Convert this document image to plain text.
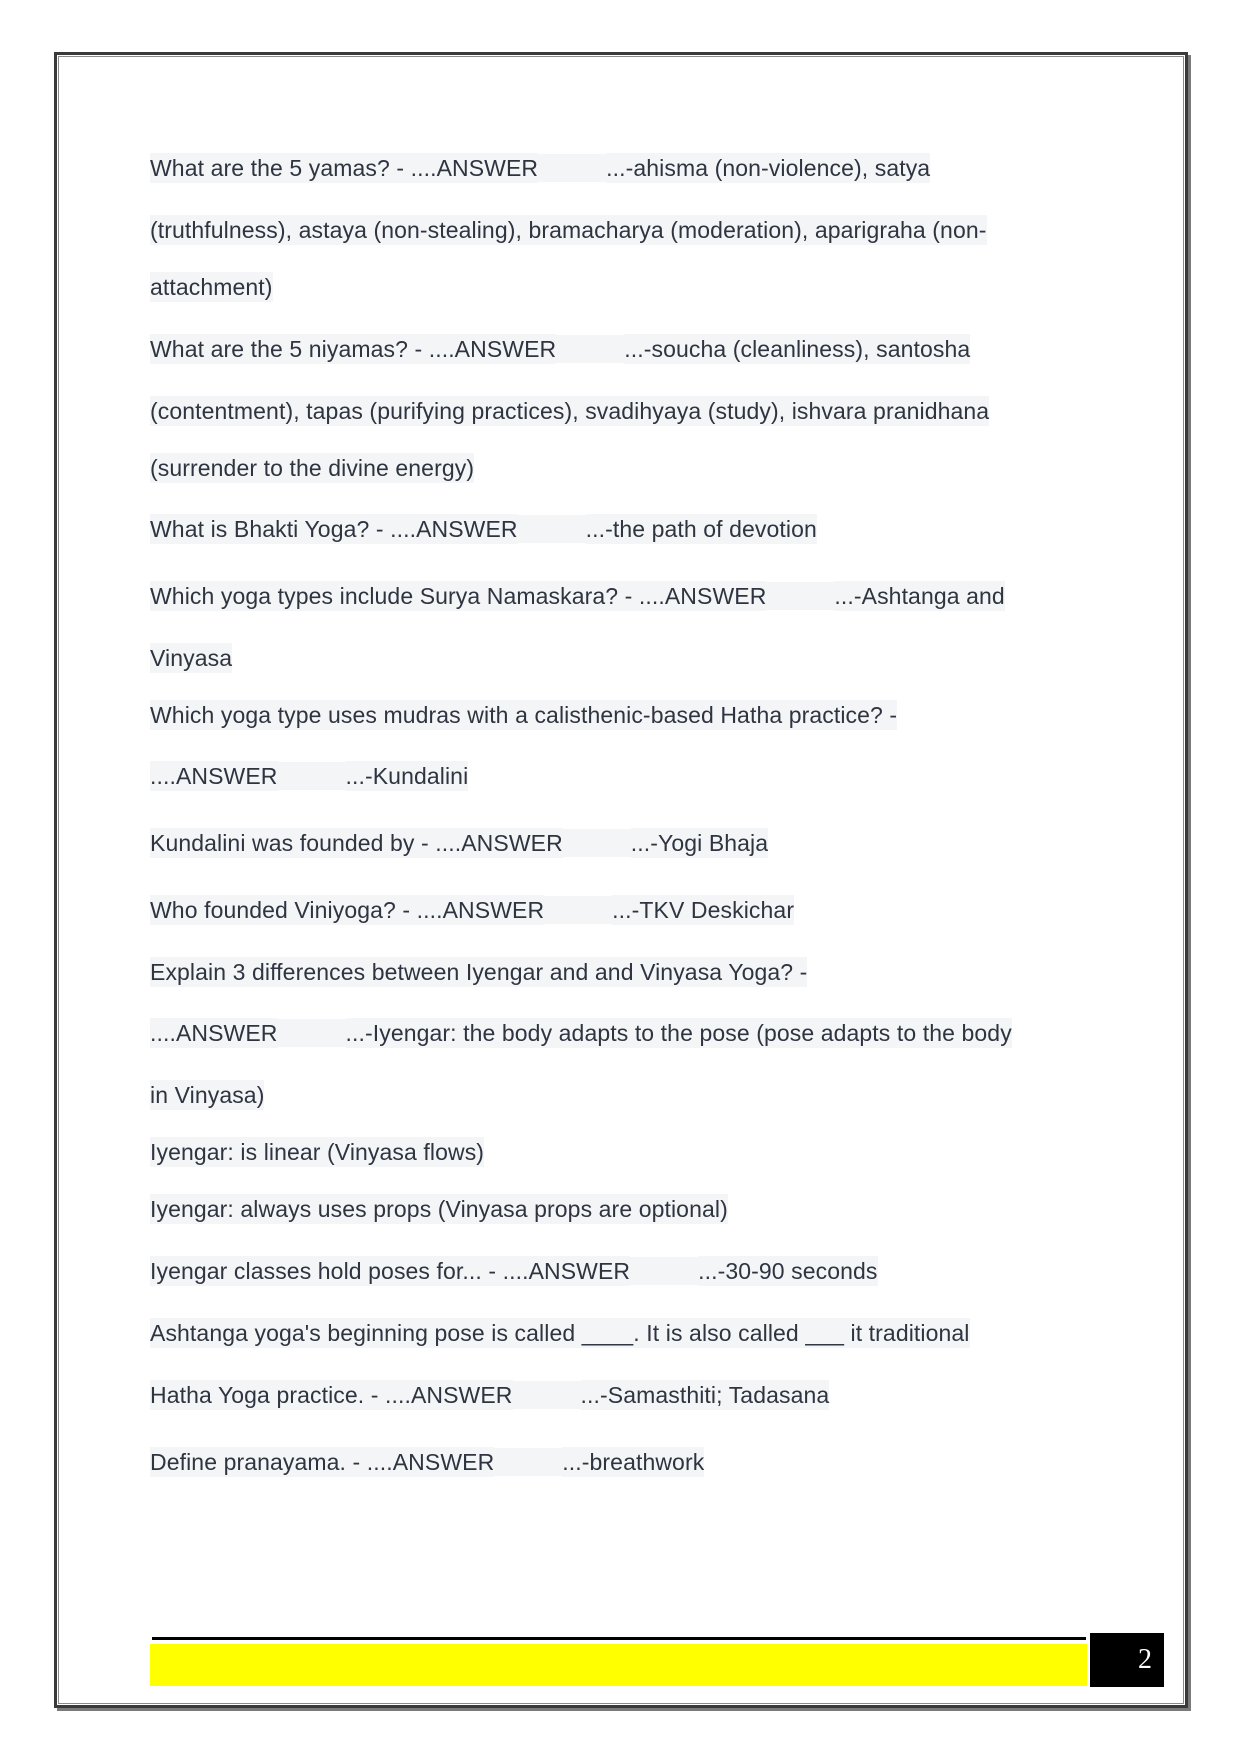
What are the 5 yamas? - ....ANSWER	...-ahisma (non-violence), satya
(truthfulness), astaya (non-stealing), bramacharya (moderation), aparigraha (non-
attachment)
What are the 5 niyamas? - ....ANSWER	...-soucha (cleanliness), santosha
(contentment), tapas (purifying practices), svadihyaya (study), ishvara pranidhana
(surrender to the divine energy)
What is Bhakti Yoga? - ....ANSWER	...-the path of devotion
Which yoga types include Surya Namaskara? - ....ANSWER	...-Ashtanga and
Vinyasa
Which yoga type uses mudras with a calisthenic-based Hatha practice? -
....ANSWER	...-Kundalini
Kundalini was founded by - ....ANSWER	...-Yogi Bhaja
Who founded Viniyoga? - ....ANSWER	...-TKV Deskichar
Explain 3 differences between Iyengar and and Vinyasa Yoga? -
....ANSWER	...-Iyengar: the body adapts to the pose (pose adapts to the body
in Vinyasa)
Iyengar: is linear (Vinyasa flows)
Iyengar: always uses props (Vinyasa props are optional)
Iyengar classes hold poses for... - ....ANSWER	...-30-90 seconds
Ashtanga yoga's beginning pose is called ____. It is also called ___ it traditional
Hatha Yoga practice. - ....ANSWER	...-Samasthiti; Tadasana
Define pranayama. - ....ANSWER	...-breathwork
2
